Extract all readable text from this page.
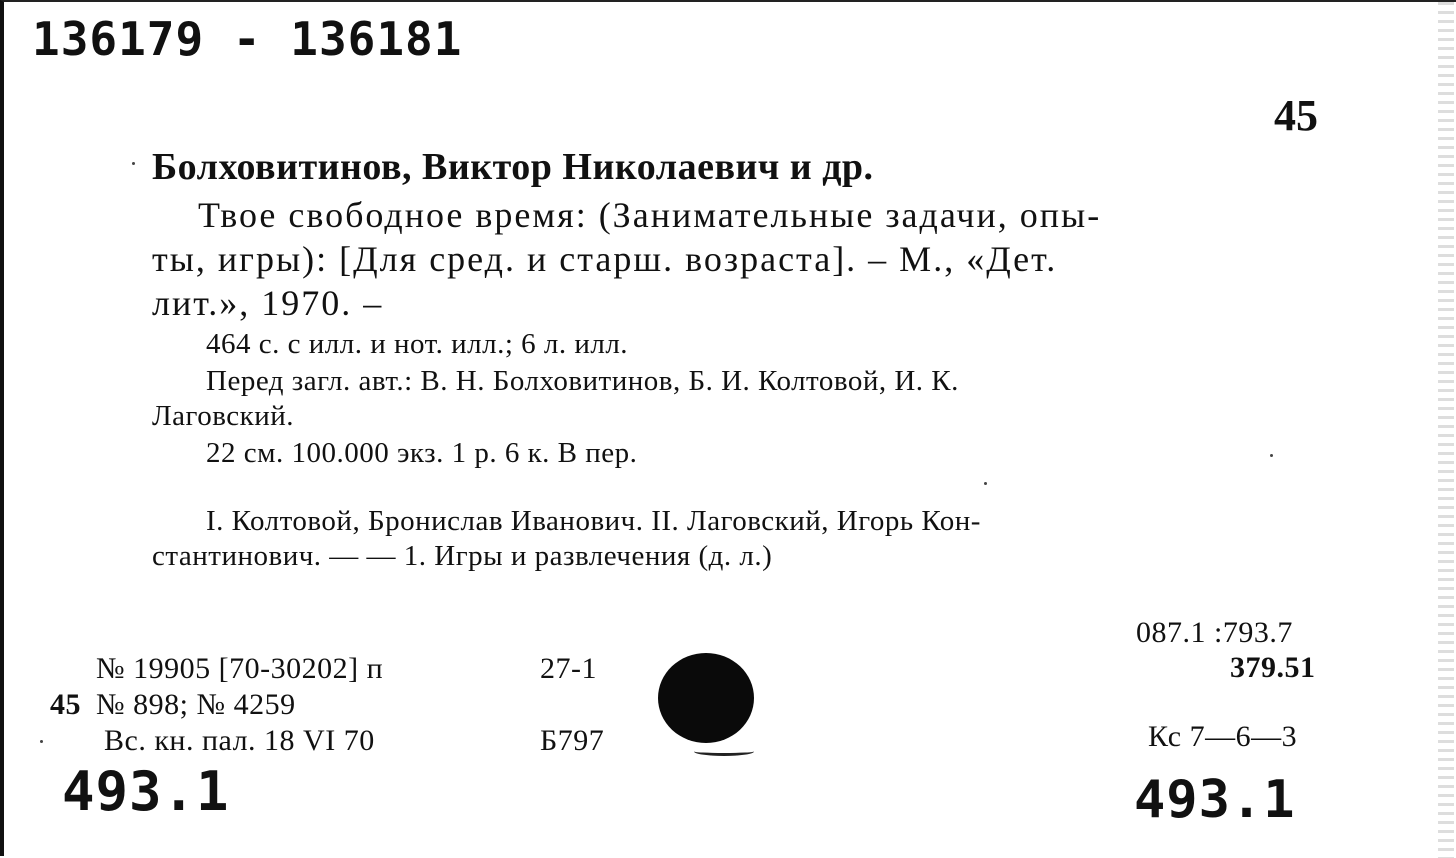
136179 - 136181
45
Болховитинов, Виктор Николаевич и др.
Твое свободное время: (Занимательные задачи, опы-
ты, игры): [Для сред. и старш. возраста]. – М., «Дет.
лит.», 1970. –
464 с. с илл. и нот. илл.; 6 л. илл.
Перед загл. авт.: В. Н. Болховитинов, Б. И. Колтовой, И. К.
Лаговский.
22 см. 100.000 экз. 1 р. 6 к. В пер.
I. Колтовой, Бронислав Иванович. II. Лаговский, Игорь Кон-
стантинович. — — 1. Игры и развлечения (д. л.)
087.1 :793.7
379.51
№ 19905 [70-30202] п
45 № 898; № 4259
Вс. кн. пал. 18 VI 70
27-1
Б797	Кс 7—6—3
493.1	493.1
